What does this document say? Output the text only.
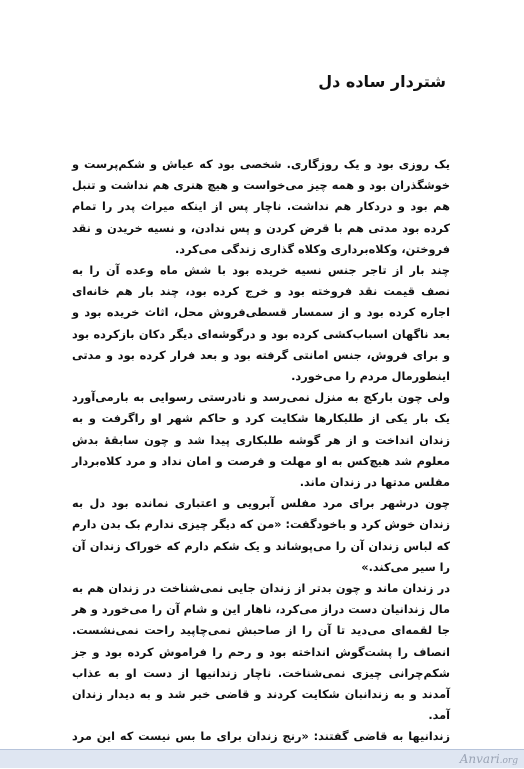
شتردار ساده دل

یک روزی بود و یک روزگاری. شخصی بود که عیاش و شکم‌پرست و خوشگذران بود و همه چیز می‌خواست و هیچ هنری هم نداشت و تنبل هم بود و دردکار هم نداشت. ناچار پس از اینکه میراث پدر را تمام کرده بود مدتی هم با قرض کردن و پس ندادن، و نسیه خریدن و نقد فروختن، وکلاه‌برداری وکلاه گذاری زندگی می‌کرد.

چند بار از تاجر جنس نسیه خریده بود با شش ماه وعده آن را به نصف قیمت نقد فروخته بود و خرج کرده بود، چند بار هم خانه‌ای اجاره کرده بود و از سمسار قسطی‌فروش محل، اثاث خریده بود و بعد ناگهان اسباب‌کشی کرده بود و درگوشه‌ای دیگر دکان بازکرده بود و برای فروش، جنس امانتی گرفته بود و بعد فرار کرده بود و مدتی اینطورمال مردم را می‌خورد.

ولی چون بارکج به منزل نمی‌رسد و نادرستی رسوایی به بارمی‌آورد یک بار یکی از طلبکارها شکایت کرد و حاکم شهر او راگرفت و به زندان انداخت و از هر گوشه طلبکاری پیدا شد و چون سابقهٔ بدش معلوم شد هیچ‌کس به او مهلت و فرصت و امان نداد و مرد کلاه‌بردار مفلس مدتها در زندان ماند.

چون درشهر برای مرد مفلس آبرویی و اعتباری نمانده بود دل به زندان خوش کرد و باخودگفت: «من که دیگر چیزی ندارم بک بدن دارم که لباس زندان آن را می‌پوشاند و یک شکم دارم که خوراک زندان آن را سیر می‌کند.»

در زندان ماند و چون بدتر از زندان جایی نمی‌شناخت در زندان هم به مال زندانیان دست دراز می‌کرد، ناهار این و شام آن را می‌خورد و هر جا لقمه‌ای می‌دید تا آن را از صاحبش نمی‌چاپید راحت نمی‌نشست. انصاف را پشت‌گوش انداخته بود و رحم را فراموش کرده بود و جز شکم‌چرانی چیزی نمی‌شناخت. ناچار زندانیها از دست او به عذاب آمدند و به زندانبان شکایت کردند و قاضی خبر شد و به دیدار زندان آمد.

زندانیها به قاضی گفتند: «رنج زندان برای ما بس نیست که این مرد

Anvari.org
